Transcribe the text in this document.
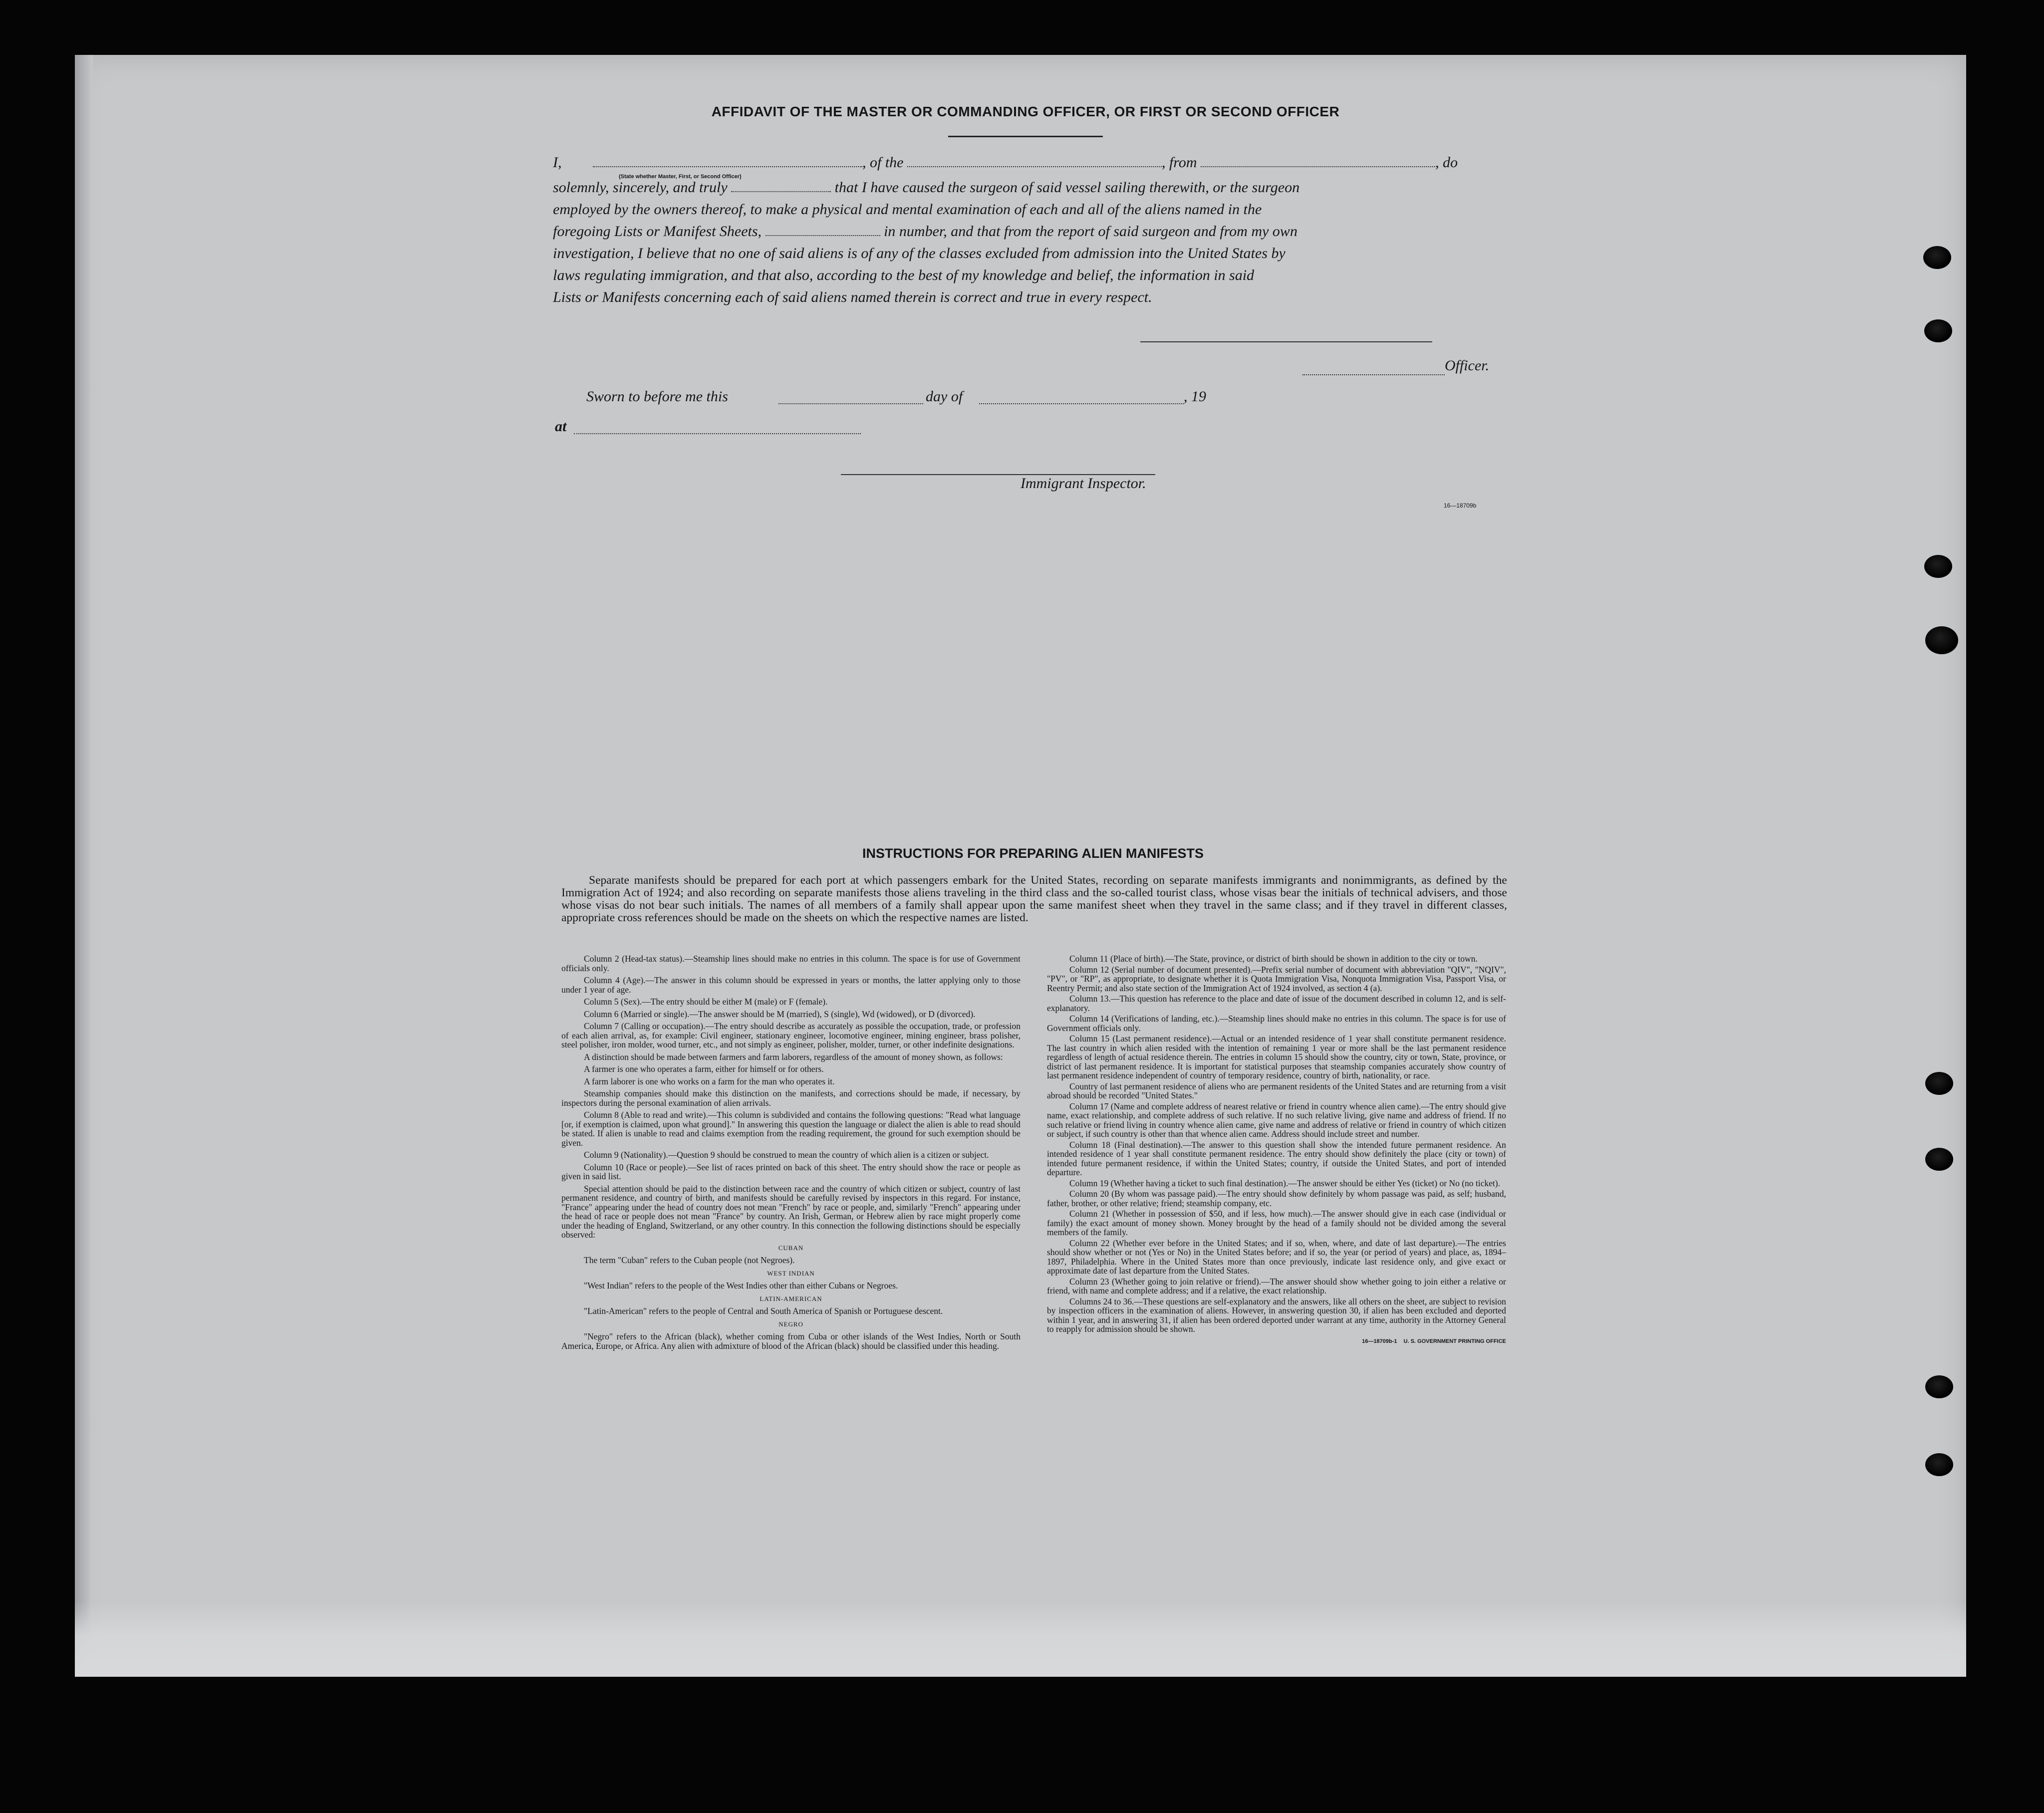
AFFIDAVIT OF THE MASTER OR COMMANDING OFFICER, OR FIRST OR SECOND OFFICER
I,	, of the	, from	, do
(State whether Master, First, or Second Officer)
solemnly, sincerely, and truly	that I have caused the surgeon of said vessel sailing therewith, or the surgeon
employed by the owners thereof, to make a physical and mental examination of each and all of the aliens named in the
foregoing Lists or Manifest Sheets,	in number, and that from the report of said surgeon and from my own
investigation, I believe that no one of said aliens is of any of the classes excluded from admission into the United States by
laws regulating immigration, and that also, according to the best of my knowledge and belief, the information in said
Lists or Manifests concerning each of said aliens named therein is correct and true in every respect.
Officer.
Sworn to before me this	day of	, 19
at
Immigrant Inspector.
16—18709b
INSTRUCTIONS FOR PREPARING ALIEN MANIFESTS
Separate manifests should be prepared for each port at which passengers embark for the United States, recording on separate manifests immigrants and nonimmigrants, as defined by the Immigration Act of 1924; and also recording on separate manifests those aliens traveling in the third class and the so-called tourist class, whose visas bear the initials of technical advisers, and those whose visas do not bear such initials. The names of all members of a family shall appear upon the same manifest sheet when they travel in the same class; and if they travel in different classes, appropriate cross references should be made on the sheets on which the respective names are listed.

Column 2 (Head-tax status).—Steamship lines should make no entries in this column. The space is for use of Government officials only.

Column 4 (Age).—The answer in this column should be expressed in years or months, the latter applying only to those under 1 year of age.

Column 5 (Sex).—The entry should be either M (male) or F (female).

Column 6 (Married or single).—The answer should be M (married), S (single), Wd (widowed), or D (divorced).

Column 7 (Calling or occupation).—The entry should describe as accurately as possible the occupation, trade, or profession of each alien arrival, as, for example: Civil engineer, stationary engineer, locomotive engineer, mining engineer, brass polisher, steel polisher, iron molder, wood turner, etc., and not simply as engineer, polisher, molder, turner, or other indefinite designations.

A distinction should be made between farmers and farm laborers, regardless of the amount of money shown, as follows:

A farmer is one who operates a farm, either for himself or for others.

A farm laborer is one who works on a farm for the man who operates it.

Steamship companies should make this distinction on the manifests, and corrections should be made, if necessary, by inspectors during the personal examination of alien arrivals.

Column 8 (Able to read and write).—This column is subdivided and contains the following questions: "Read what language [or, if exemption is claimed, upon what ground]." In answering this question the language or dialect the alien is able to read should be stated. If alien is unable to read and claims exemption from the reading requirement, the ground for such exemption should be given.

Column 9 (Nationality).—Question 9 should be construed to mean the country of which alien is a citizen or subject.

Column 10 (Race or people).—See list of races printed on back of this sheet. The entry should show the race or people as given in said list.

Special attention should be paid to the distinction between race and the country of which citizen or subject, country of last permanent residence, and country of birth, and manifests should be carefully revised by inspectors in this regard. For instance, "France" appearing under the head of country does not mean "French" by race or people, and, similarly "French" appearing under the head of race or people does not mean "France" by country. An Irish, German, or Hebrew alien by race might properly come under the heading of England, Switzerland, or any other country. In this connection the following distinctions should be especially observed:

CUBAN

The term "Cuban" refers to the Cuban people (not Negroes).

WEST INDIAN

"West Indian" refers to the people of the West Indies other than either Cubans or Negroes.

LATIN-AMERICAN

"Latin-American" refers to the people of Central and South America of Spanish or Portuguese descent.

NEGRO

"Negro" refers to the African (black), whether coming from Cuba or other islands of the West Indies, North or South America, Europe, or Africa. Any alien with admixture of blood of the African (black) should be classified under this heading.

Column 11 (Place of birth).—The State, province, or district of birth should be shown in addition to the city or town.

Column 12 (Serial number of document presented).—Prefix serial number of document with abbreviation "QIV", "NQIV", "PV", or "RP", as appropriate, to designate whether it is Quota Immigration Visa, Nonquota Immigration Visa, Passport Visa, or Reentry Permit; and also state section of the Immigration Act of 1924 involved, as section 4 (a).

Column 13.—This question has reference to the place and date of issue of the document described in column 12, and is self-explanatory.

Column 14 (Verifications of landing, etc.).—Steamship lines should make no entries in this column. The space is for use of Government officials only.

Column 15 (Last permanent residence).—Actual or an intended residence of 1 year shall constitute permanent residence. The last country in which alien resided with the intention of remaining 1 year or more shall be the last permanent residence regardless of length of actual residence therein. The entries in column 15 should show the country, city or town, State, province, or district of last permanent residence. It is important for statistical purposes that steamship companies accurately show country of last permanent residence independent of country of temporary residence, country of birth, nationality, or race.

Country of last permanent residence of aliens who are permanent residents of the United States and are returning from a visit abroad should be recorded "United States."

Column 17 (Name and complete address of nearest relative or friend in country whence alien came).—The entry should give name, exact relationship, and complete address of such relative. If no such relative living, give name and address of friend. If no such relative or friend living in country whence alien came, give name and address of relative or friend in country of which citizen or subject, if such country is other than that whence alien came. Address should include street and number.

Column 18 (Final destination).—The answer to this question shall show the intended future permanent residence. An intended residence of 1 year shall constitute permanent residence. The entry should show definitely the place (city or town) of intended future permanent residence, if within the United States; country, if outside the United States, and port of intended departure.

Column 19 (Whether having a ticket to such final destination).—The answer should be either Yes (ticket) or No (no ticket).

Column 20 (By whom was passage paid).—The entry should show definitely by whom passage was paid, as self; husband, father, brother, or other relative; friend; steamship company, etc.

Column 21 (Whether in possession of $50, and if less, how much).—The answer should give in each case (individual or family) the exact amount of money shown. Money brought by the head of a family should not be divided among the several members of the family.

Column 22 (Whether ever before in the United States; and if so, when, where, and date of last departure).—The entries should show whether or not (Yes or No) in the United States before; and if so, the year (or period of years) and place, as, 1894–1897, Philadelphia. Where in the United States more than once previously, indicate last residence only, and give exact or approximate date of last departure from the United States.

Column 23 (Whether going to join relative or friend).—The answer should show whether going to join either a relative or friend, with name and complete address; and if a relative, the exact relationship.

Columns 24 to 36.—These questions are self-explanatory and the answers, like all others on the sheet, are subject to revision by inspection officers in the examination of aliens. However, in answering question 30, if alien has been excluded and deported within 1 year, and in answering 31, if alien has been ordered deported under warrant at any time, authority in the Attorney General to reapply for admission should be shown.

16—18709b-1 U. S. GOVERNMENT PRINTING OFFICE
